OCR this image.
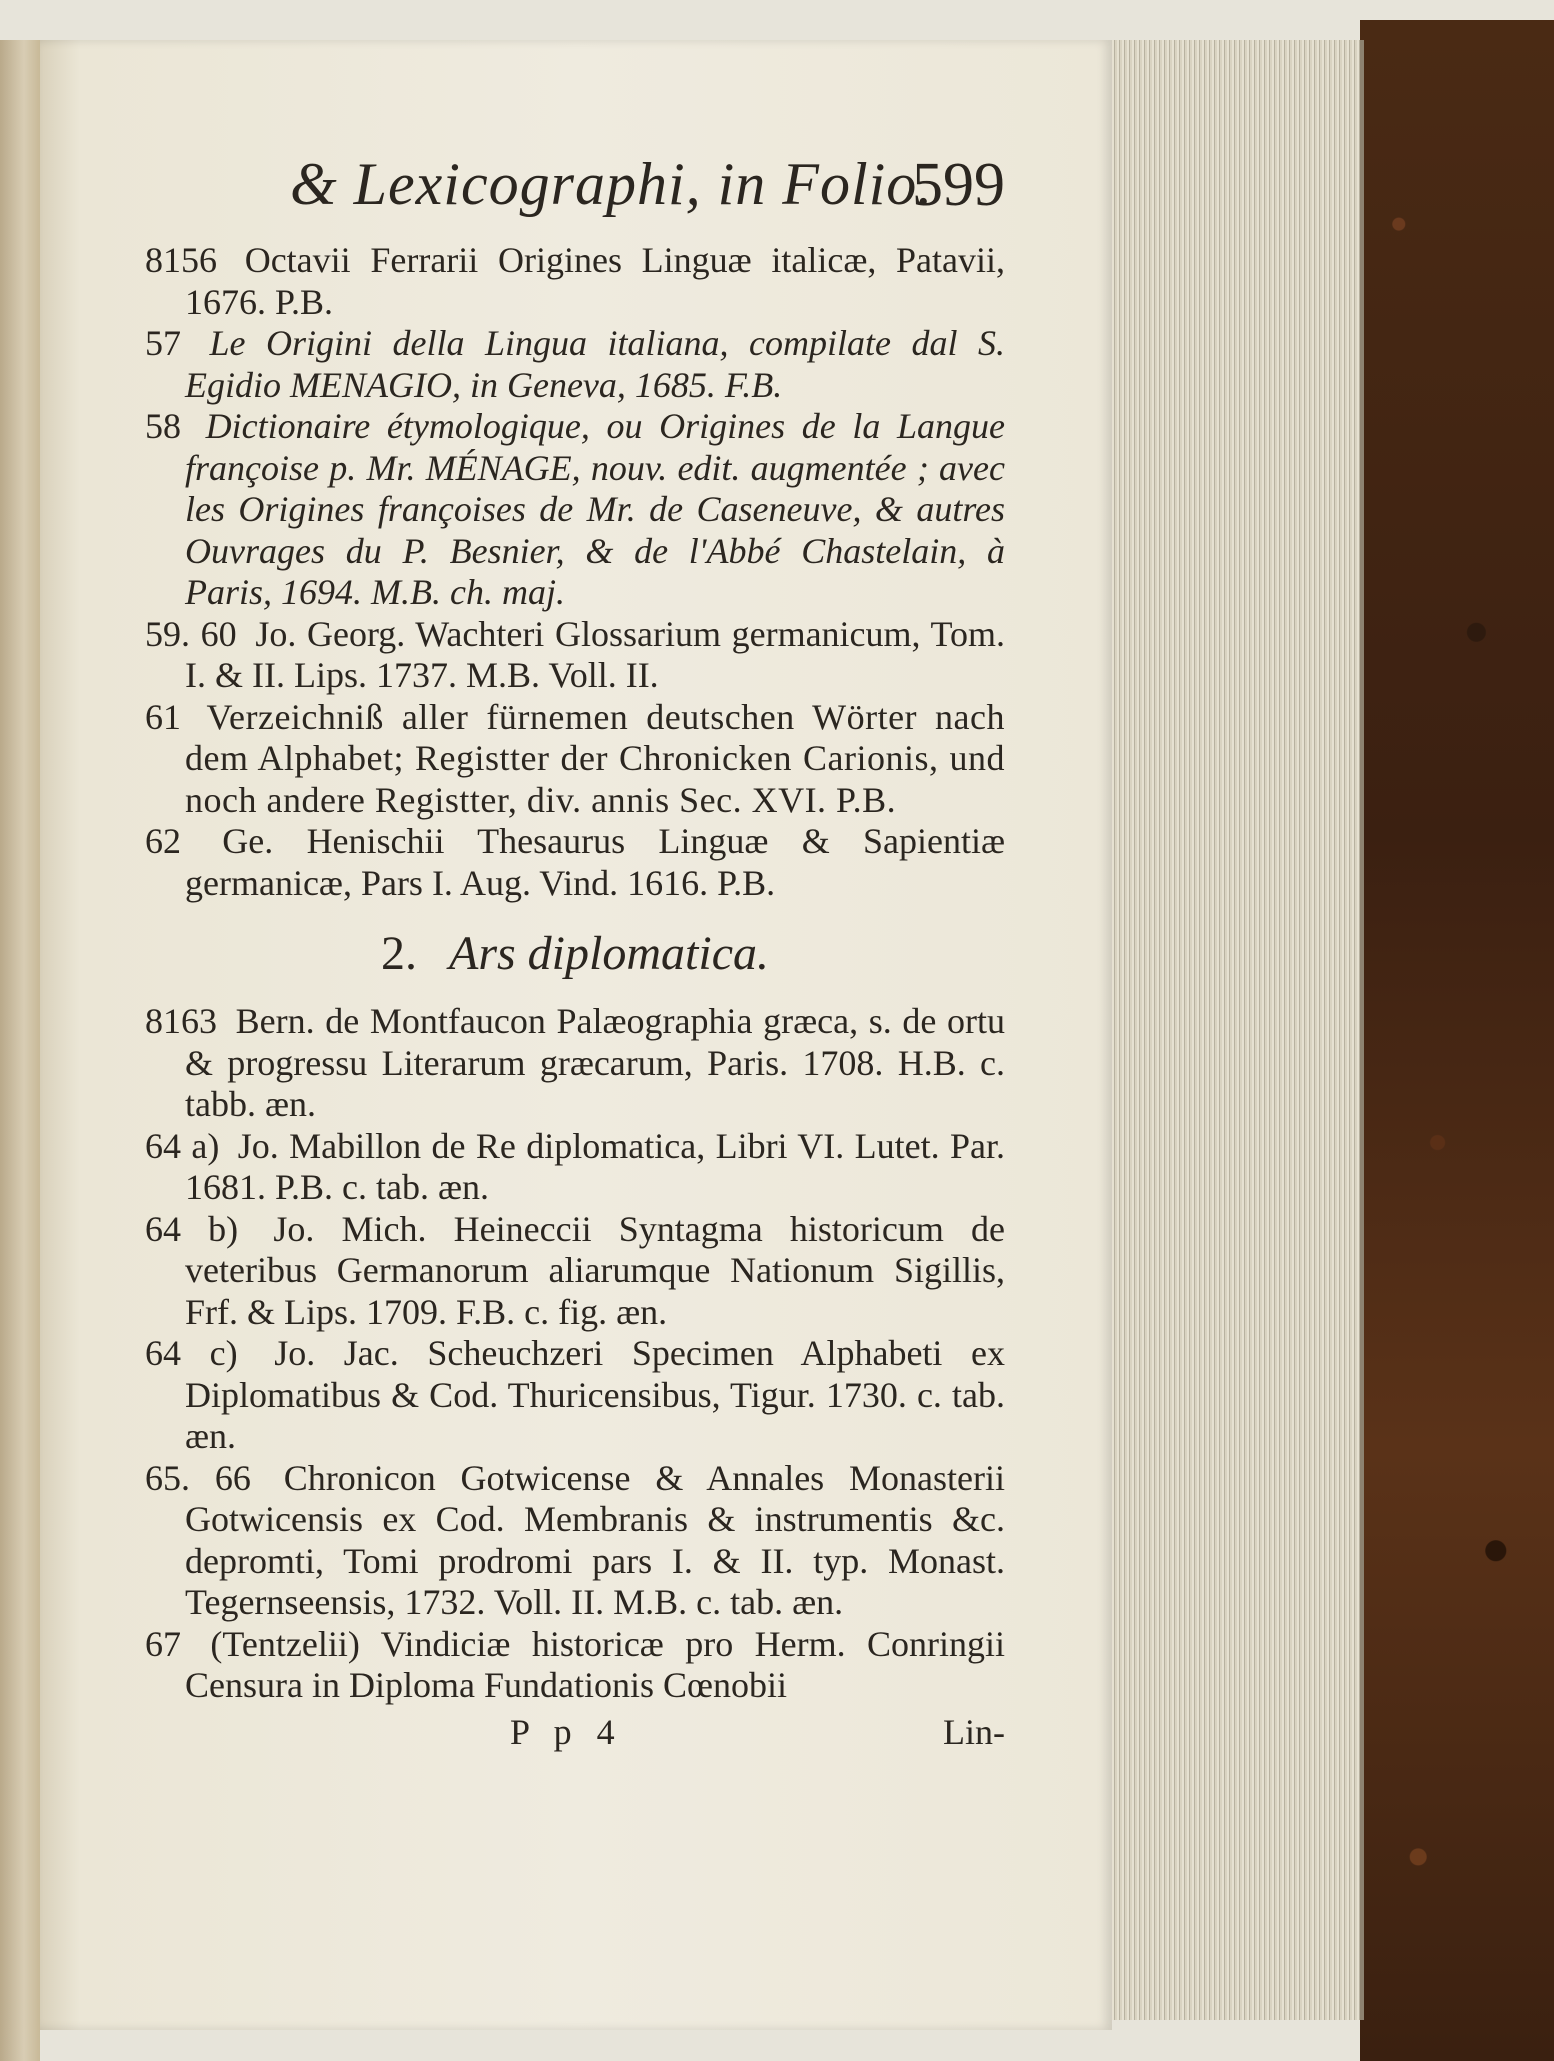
& Lexicographi, in Folio.
599
8156 Octavii Ferrarii Origines Linguæ italicæ, Patavii, 1676. P.B.
57 Le Origini della Lingua italiana, compilate dal S. Egidio MENAGIO, in Geneva, 1685. F.B.
58 Dictionaire étymologique, ou Origines de la Langue françoise p. Mr. MÉNAGE, nouv. edit. augmentée ; avec les Origines françoises de Mr. de Caseneuve, & autres Ouvrages du P. Besnier, & de l'Abbé Chastelain, à Paris, 1694. M.B. ch. maj.
59. 60 Jo. Georg. Wachteri Glossarium germanicum, Tom. I. & II. Lips. 1737. M.B. Voll. II.
61 Verzeichniß aller fürnemen deutschen Wörter nach dem Alphabet; Registter der Chronicken Carionis, und noch andere Registter, div. annis Sec. XVI. P.B.
62 Ge. Henischii Thesaurus Linguæ & Sapientiæ germanicæ, Pars I. Aug. Vind. 1616. P.B.
2. Ars diplomatica.
8163 Bern. de Montfaucon Palæographia græca, s. de ortu & progressu Literarum græcarum, Paris. 1708. H.B. c. tabb. æn.
64 a) Jo. Mabillon de Re diplomatica, Libri VI. Lutet. Par. 1681. P.B. c. tab. æn.
64 b) Jo. Mich. Heineccii Syntagma historicum de veteribus Germanorum aliarumque Nationum Sigillis, Frf. & Lips. 1709. F.B. c. fig. æn.
64 c) Jo. Jac. Scheuchzeri Specimen Alphabeti ex Diplomatibus & Cod. Thuricensibus, Tigur. 1730. c. tab. æn.
65. 66 Chronicon Gotwicense & Annales Monasterii Gotwicensis ex Cod. Membranis & instrumentis &c. depromti, Tomi prodromi pars I. & II. typ. Monast. Tegernseensis, 1732. Voll. II. M.B. c. tab. æn.
67 (Tentzelii) Vindiciæ historicæ pro Herm. Conringii Censura in Diploma Fundationis Cœnobii
P p 4	Lin-
